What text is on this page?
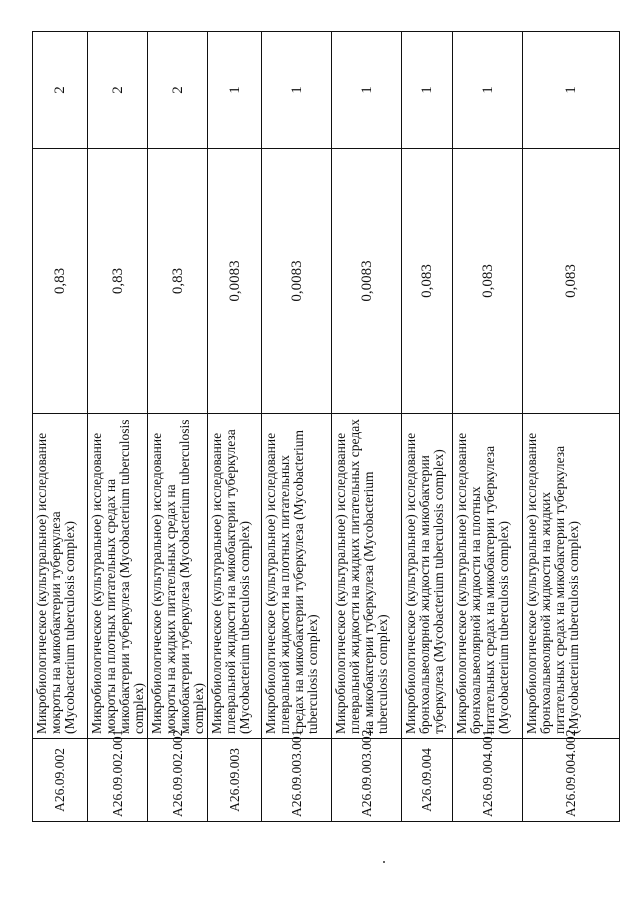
A26.09.002	Микробиологическое (культуральное) исследование мокроты на микобактерии туберкулеза (Mycobacterium tuberculosis complex)	0,83	2
A26.09.002.001	Микробиологическое (культуральное) исследование мокроты на плотных питательных средах на микобактерии туберкулеза (Mycobacterium tuberculosis complex)	0,83	2
A26.09.002.002	Микробиологическое (культуральное) исследование мокроты на жидких питательных средах на микобактерии туберкулеза (Mycobacterium tuberculosis complex)	0,83	2
A26.09.003	Микробиологическое (культуральное) исследование плевральной жидкости на микобактерии туберкулеза (Mycobacterium tuberculosis complex)	0,0083	1
A26.09.003.001	Микробиологическое (культуральное) исследование плевральной жидкости на плотных питательных средах на микобактерии туберкулеза (Mycobacterium tuberculosis complex)	0,0083	1
A26.09.003.002	Микробиологическое (культуральное) исследование плевральной жидкости на жидких питательных средах на микобактерии туберкулеза (Mycobacterium tuberculosis complex)	0,0083	1
A26.09.004	Микробиологическое (культуральное) исследование бронхоальвеолярной жидкости на микобактерии туберкулеза (Mycobacterium tuberculosis complex)	0,083	1
A26.09.004.001	Микробиологическое (культуральное) исследование бронхоальвеолярной жидкости на плотных питательных средах на микобактерии туберкулеза (Mycobacterium tuberculosis complex)	0,083	1
A26.09.004.002	Микробиологическое (культуральное) исследование бронхоальвеолярной жидкости на жидких питательных средах на микобактерии туберкулеза (Mycobacterium tuberculosis complex)	0,083	1
